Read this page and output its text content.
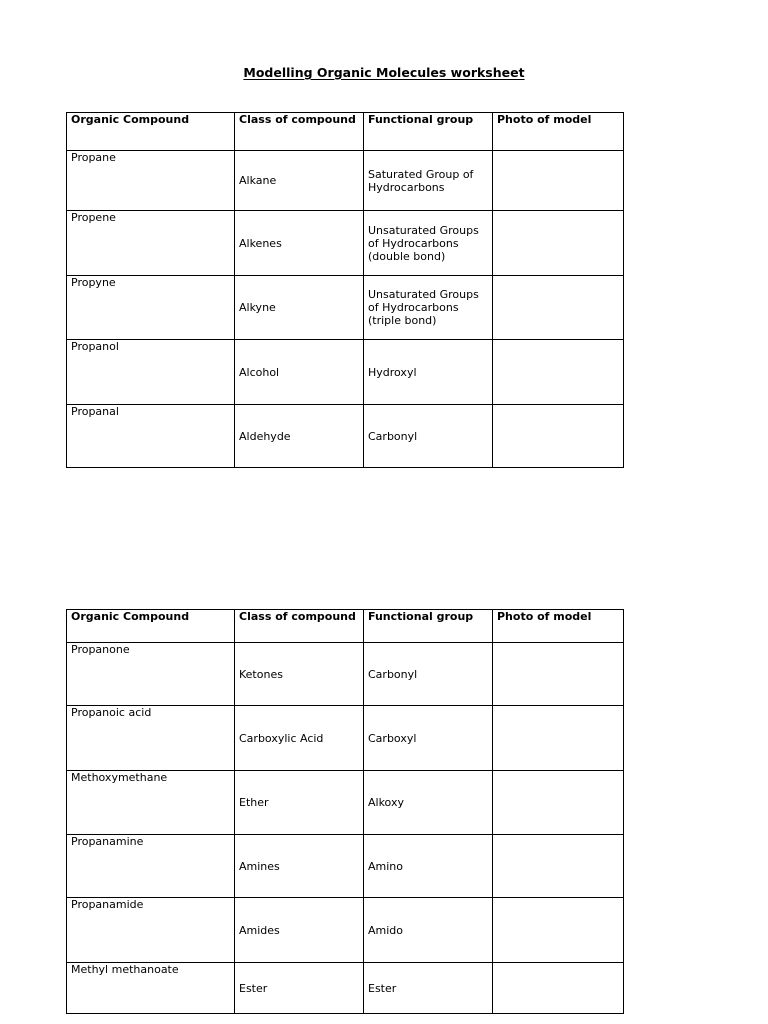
Modelling Organic Molecules worksheet
Organic Compound	Class of compound	Functional group	Photo of model
Propane	Alkane	Saturated Group of Hydrocarbons	
Propene	Alkenes	Unsaturated Groups of Hydrocarbons (double bond)	
Propyne	Alkyne	Unsaturated Groups of Hydrocarbons (triple bond)	
Propanol	Alcohol	Hydroxyl	
Propanal	Aldehyde	Carbonyl	
Organic Compound	Class of compound	Functional group	Photo of model
Propanone	Ketones	Carbonyl	
Propanoic acid	Carboxylic Acid	Carboxyl	
Methoxymethane	Ether	Alkoxy	
Propanamine	Amines	Amino	
Propanamide	Amides	Amido	
Methyl methanoate	Ester	Ester	
